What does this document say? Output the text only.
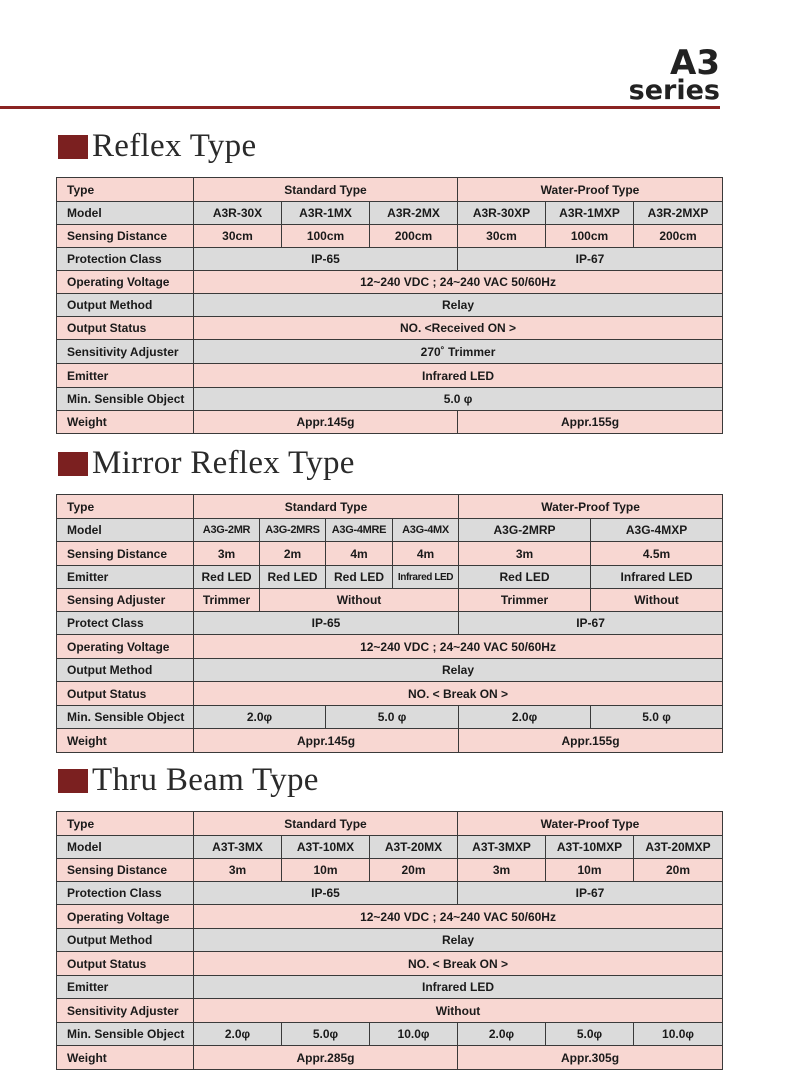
A3
series
Reflex Type
Type	Standard Type			Water-Proof Type		
Model	A3R-30X	A3R-1MX	A3R-2MX	A3R-30XP	A3R-1MXP	A3R-2MXP
Sensing Distance	30cm	100cm	200cm	30cm	100cm	200cm
Protection Class	IP-65			IP-67		
Operating Voltage	12~240 VDC ; 24~240 VAC 50/60Hz					
Output Method	Relay					
Output Status	NO. <Received ON >					
Sensitivity Adjuster	270˚ Trimmer					
Emitter	Infrared LED					
Min. Sensible Object	5.0 φ					
Weight	Appr.145g			Appr.155g		
Mirror Reflex Type
Type	Standard Type				Water-Proof Type	
Model	A3G-2MR	A3G-2MRS	A3G-4MRE	A3G-4MX	A3G-2MRP	A3G-4MXP
Sensing Distance	3m	2m	4m	4m	3m	4.5m
Emitter	Red LED	Red LED	Red LED	Infrared LED	Red LED	Infrared LED
Sensing Adjuster	Trimmer	Without			Trimmer	Without
Protect Class	IP-65				IP-67	
Operating Voltage	12~240 VDC ; 24~240 VAC 50/60Hz					
Output Method	Relay					
Output Status	NO. < Break ON >					
Min. Sensible Object	2.0φ		5.0 φ		2.0φ	5.0 φ
Weight	Appr.145g				Appr.155g	
Thru Beam Type
Type	Standard Type			Water-Proof Type		
Model	A3T-3MX	A3T-10MX	A3T-20MX	A3T-3MXP	A3T-10MXP	A3T-20MXP
Sensing Distance	3m	10m	20m	3m	10m	20m
Protection Class	IP-65			IP-67		
Operating Voltage	12~240 VDC ; 24~240 VAC 50/60Hz					
Output Method	Relay					
Output Status	NO. < Break ON >					
Emitter	Infrared LED					
Sensitivity Adjuster	Without					
Min. Sensible Object	2.0φ	5.0φ	10.0φ	2.0φ	5.0φ	10.0φ
Weight	Appr.285g			Appr.305g		
